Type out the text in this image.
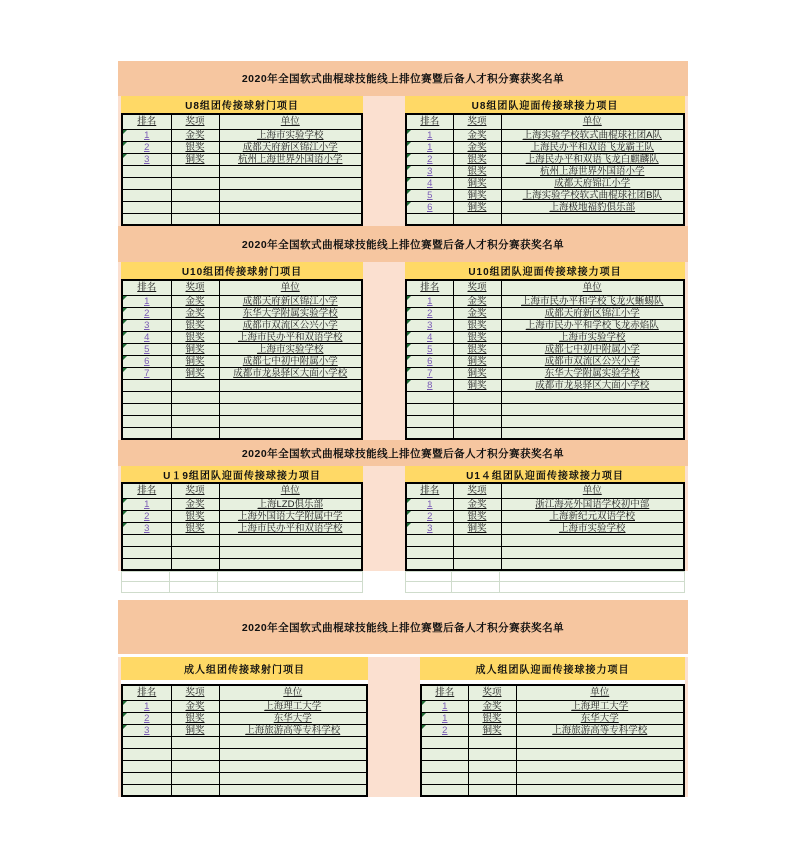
2020年全国软式曲棍球技能线上排位赛暨后备人才积分赛获奖名单
U8组团传接球射门项目
排名	奖项	单位

1	金奖	上海市实验学校

2	银奖	成都天府新区锦江小学

3	铜奖	杭州上海世界外国语小学

U8组团队迎面传接球接力项目
排名	奖项	单位

1	金奖	上海实验学校软式曲棍球社团A队

1	金奖	上海民办平和双语飞龙霸王队

2	银奖	上海民办平和双语飞龙白麒麟队

3	银奖	杭州上海世界外国语小学

4	铜奖	成都天府锦江小学

5	铜奖	上海实验学校软式曲棍球社团B队

6	铜奖	上海极地福豹俱乐部

2020年全国软式曲棍球技能线上排位赛暨后备人才积分赛获奖名单
U10组团传接球射门项目
排名	奖项	单位

1	金奖	成都天府新区锦江小学

2	金奖	东华大学附属实验学校

3	银奖	成都市双流区公兴小学

4	银奖	上海市民办平和双语学校

5	铜奖	上海市实验学校

6	铜奖	成都七中初中附属小学

7	铜奖	成都市龙泉驿区大面小学校

U10组团队迎面传接球接力项目
排名	奖项	单位

1	金奖	上海市民办平和学校飞龙火蜥蜴队

2	金奖	成都天府新区锦江小学

3	银奖	上海市民办平和学校飞龙赤焰队

4	银奖	上海市实验学校

5	银奖	成都七中初中附属小学

6	铜奖	成都市双流区公兴小学

7	铜奖	东华大学附属实验学校

8	铜奖	成都市龙泉驿区大面小学校

2020年全国软式曲棍球技能线上排位赛暨后备人才积分赛获奖名单
U１9组团队迎面传接球接力项目
排名	奖项	单位

1	金奖	上海LZD俱乐部

2	银奖	上海外国语大学附属中学

3	银奖	上海市民办平和双语学校

U1４组团队迎面传接球接力项目
排名	奖项	单位

1	金奖	浙江海亮外国语学校初中部

2	银奖	上海新纪元双语学校

3	铜奖	上海市实验学校

2020年全国软式曲棍球技能线上排位赛暨后备人才积分赛获奖名单
成人组团传接球射门项目
排名	奖项	单位

1	金奖	上海理工大学

2	银奖	东华大学

3	铜奖	上海旅游高等专科学校

成人组团队迎面传接球接力项目
排名	奖项	单位

1	金奖	上海理工大学

1	银奖	东华大学

2	铜奖	上海旅游高等专科学校
